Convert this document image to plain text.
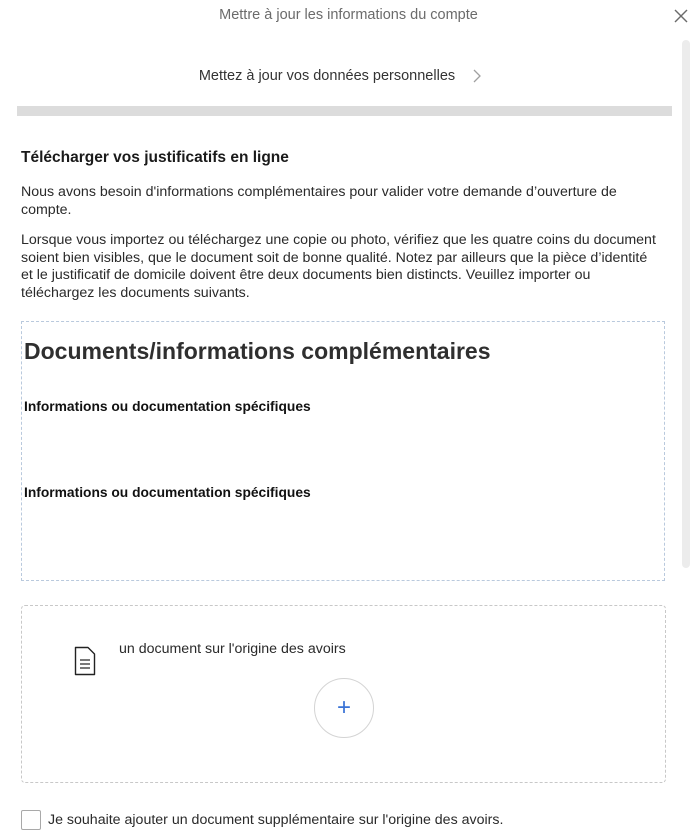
Mettre à jour les informations du compte
Mettez à jour vos données personnelles
Télécharger vos justificatifs en ligne
Nous avons besoin d'informations complémentaires pour valider votre demande d’ouverture de compte.
Lorsque vous importez ou téléchargez une copie ou photo, vérifiez que les quatre coins du document soient bien visibles, que le document soit de bonne qualité. Notez par ailleurs que la pièce d’identité et le justificatif de domicile doivent être deux documents bien distincts. Veuillez importer ou téléchargez les documents suivants.
Documents/informations complémentaires
Informations ou documentation spécifiques
Informations ou documentation spécifiques
un document sur l'origine des avoirs
+
Je souhaite ajouter un document supplémentaire sur l'origine des avoirs.
